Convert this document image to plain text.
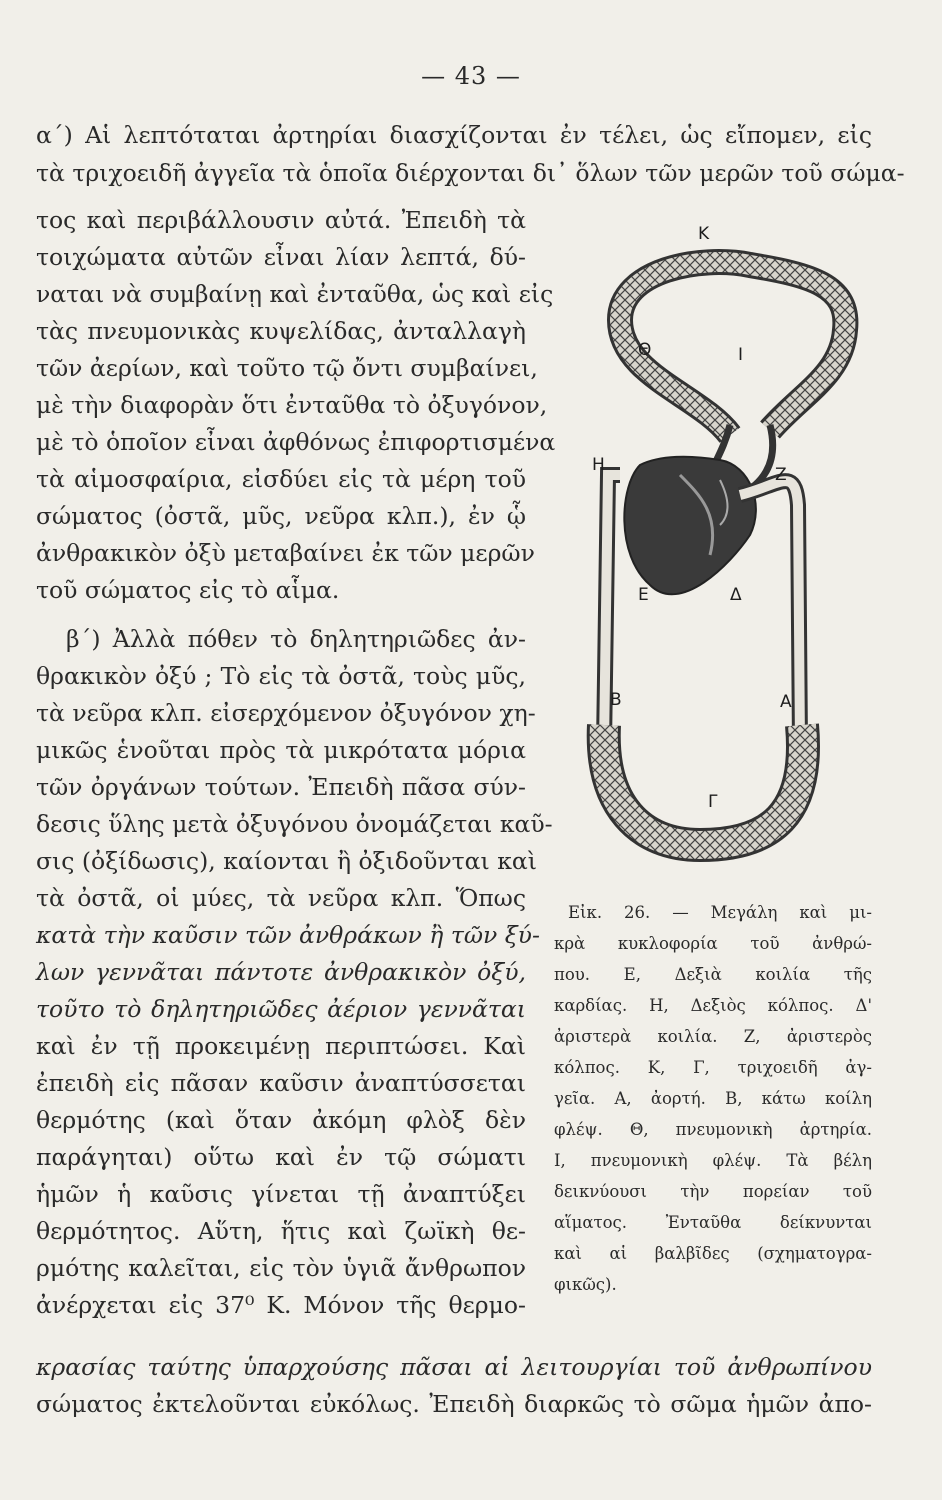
— 43 —
α΄) Αἱ λεπτόταται ἀρτηρίαι διασχίζονται ἐν τέλει, ὡς εἴπομεν, εἰς
τὰ τριχοειδῆ ἀγγεῖα τὰ ὁποῖα διέρχονται δι᾽ ὅλων τῶν μερῶν τοῦ σώμα-
τος καὶ περιβάλλουσιν αὐτά. Ἐπειδὴ τὰ
τοιχώματα αὐτῶν εἶναι λίαν λεπτά, δύ-
ναται νὰ συμβαίνῃ καὶ ἐνταῦθα, ὡς καὶ εἰς
τὰς πνευμονικὰς κυψελίδας, ἀνταλλαγὴ
τῶν ἀερίων, καὶ τοῦτο τῷ ὄντι συμβαίνει,
μὲ τὴν διαφορὰν ὅτι ἐνταῦθα τὸ ὀξυγόνον,
μὲ τὸ ὁποῖον εἶναι ἀφθόνως ἐπιφορτισμένα
τὰ αἱμοσφαίρια, εἰσδύει εἰς τὰ μέρη τοῦ
σώματος (ὀστᾶ, μῦς, νεῦρα κλπ.), ἐν ᾧ
ἀνθρακικὸν ὀξὺ μεταβαίνει ἐκ τῶν μερῶν
τοῦ σώματος εἰς τὸ αἷμα.
β΄) Ἀλλὰ πόθεν τὸ δηλητηριῶδες ἀν-
θρακικὸν ὀξύ ; Τὸ εἰς τὰ ὀστᾶ, τοὺς μῦς,
τὰ νεῦρα κλπ. εἰσερχόμενον ὀξυγόνον χη-
μικῶς ἑνοῦται πρὸς τὰ μικρότατα μόρια
τῶν ὀργάνων τούτων. Ἐπειδὴ πᾶσα σύν-
δεσις ὕλης μετὰ ὀξυγόνου ὀνομάζεται καῦ-
σις (ὀξίδωσις), καίονται ἢ ὀξιδοῦνται καὶ
τὰ ὀστᾶ, οἱ μύες, τὰ νεῦρα κλπ. Ὅπως
κατὰ τὴν καῦσιν τῶν ἀνθράκων ἢ τῶν ξύ-
λων γεννᾶται πάντοτε ἀνθρακικὸν ὀξύ,
τοῦτο τὸ δηλητηριῶδες ἀέριον γεννᾶται
καὶ ἐν τῇ προκειμένῃ περιπτώσει. Καὶ
ἐπειδὴ εἰς πᾶσαν καῦσιν ἀναπτύσσεται
θερμότης (καὶ ὅταν ἀκόμη φλὸξ δὲν
παράγηται) οὕτω καὶ ἐν τῷ σώματι
ἡμῶν ἡ καῦσις γίνεται τῇ ἀναπτύξει
θερμότητος. Αὕτη, ἥτις καὶ ζωϊκὴ θε-
ρμότης καλεῖται, εἰς τὸν ὑγιᾶ ἄνθρωπον
ἀνέρχεται εἰς 37⁰ Κ. Μόνον τῆς θερμο-
κρασίας ταύτης ὑπαρχούσης πᾶσαι αἱ λειτουργίαι τοῦ ἀνθρωπίνου
σώματος ἐκτελοῦνται εὐκόλως. Ἐπειδὴ διαρκῶς τὸ σῶμα ἡμῶν ἀπο-
Κ
Θ	Ι
Η	Ζ
Ε	Δ
Β	Α
Γ
Εἰκ. 26. — Μεγάλη καὶ μι-
κρὰ κυκλοφορία τοῦ ἀνθρώ-
που. Ε, Δεξιὰ κοιλία τῆς
καρδίας. Η, Δεξιὸς κόλπος. Δ'
ἀριστερὰ κοιλία. Ζ, ἀριστερὸς
κόλπος. Κ, Γ, τριχοειδῆ ἀγ-
γεῖα. Α, ἀορτή. Β, κάτω κοίλη
φλέψ. Θ, πνευμονικὴ ἀρτηρία.
Ι, πνευμονικὴ φλέψ. Τὰ βέλη
δεικνύουσι τὴν πορείαν τοῦ
αἵματος. Ἐνταῦθα δείκνυνται
καὶ αἱ βαλβῖδες (σχηματογρα-
φικῶς).
